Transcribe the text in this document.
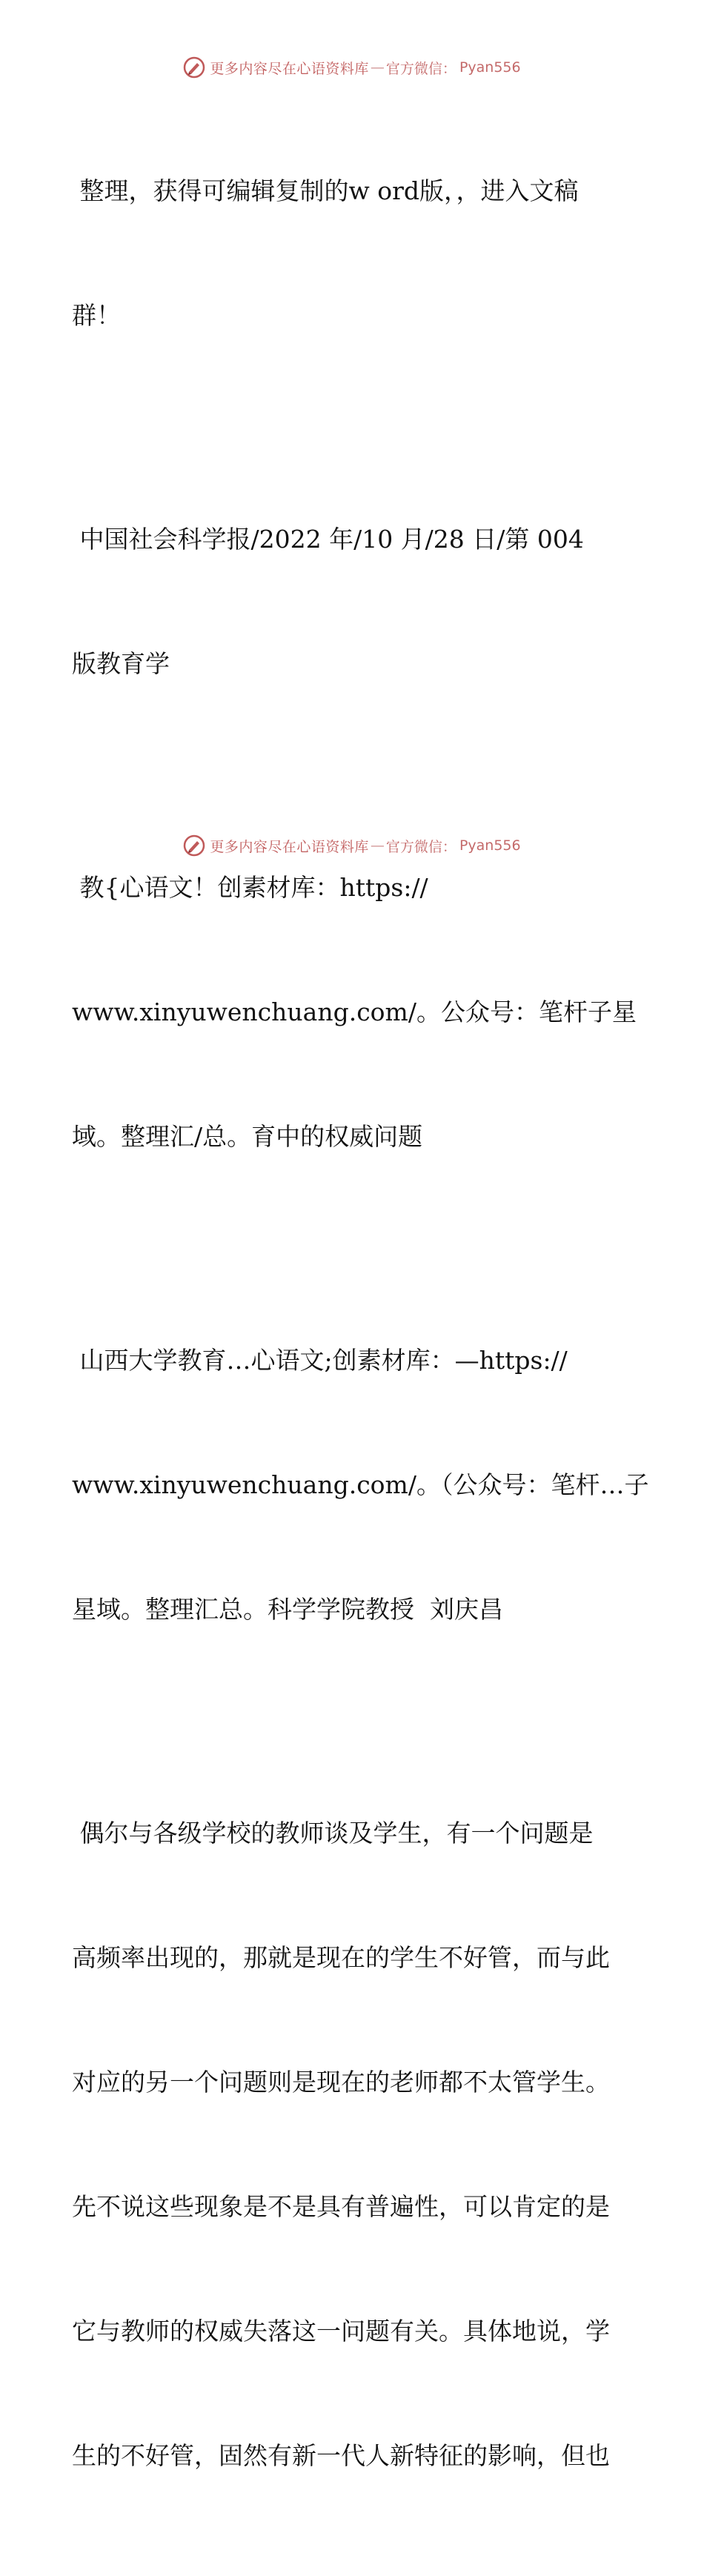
更多内容尽在心语资料库 — 官方微信： Pyan556

整理，获得可编辑复制的w ord版，，进入文稿

群！

中国社会科学报/2022 年/10 月/28 日/第 004

版教育学

教{心语文！创素材库：https://

www.xinyuwenchuang.com/。公众号：笔杆子星

域。整理汇/总。育中的权威问题

山西大学教育…心语文;创素材库：—https://

www.xinyuwenchuang.com/。（公众号：笔杆…子

星域。整理汇总。科学学院教授  刘庆昌

偶尔与各级学校的教师谈及学生，有一个问题是

高频率出现的，那就是现在的学生不好管，而与此

对应的另一个问题则是现在的老师都不太管学生。

先不说这些现象是不是具有普遍性，可以肯定的是

它与教师的权威失落这一问题有关。具体地说，学

生的不好管，固然有新一代人新特征的影响，但也

更多内容尽在心语资料库 — 官方微信： Pyan556
